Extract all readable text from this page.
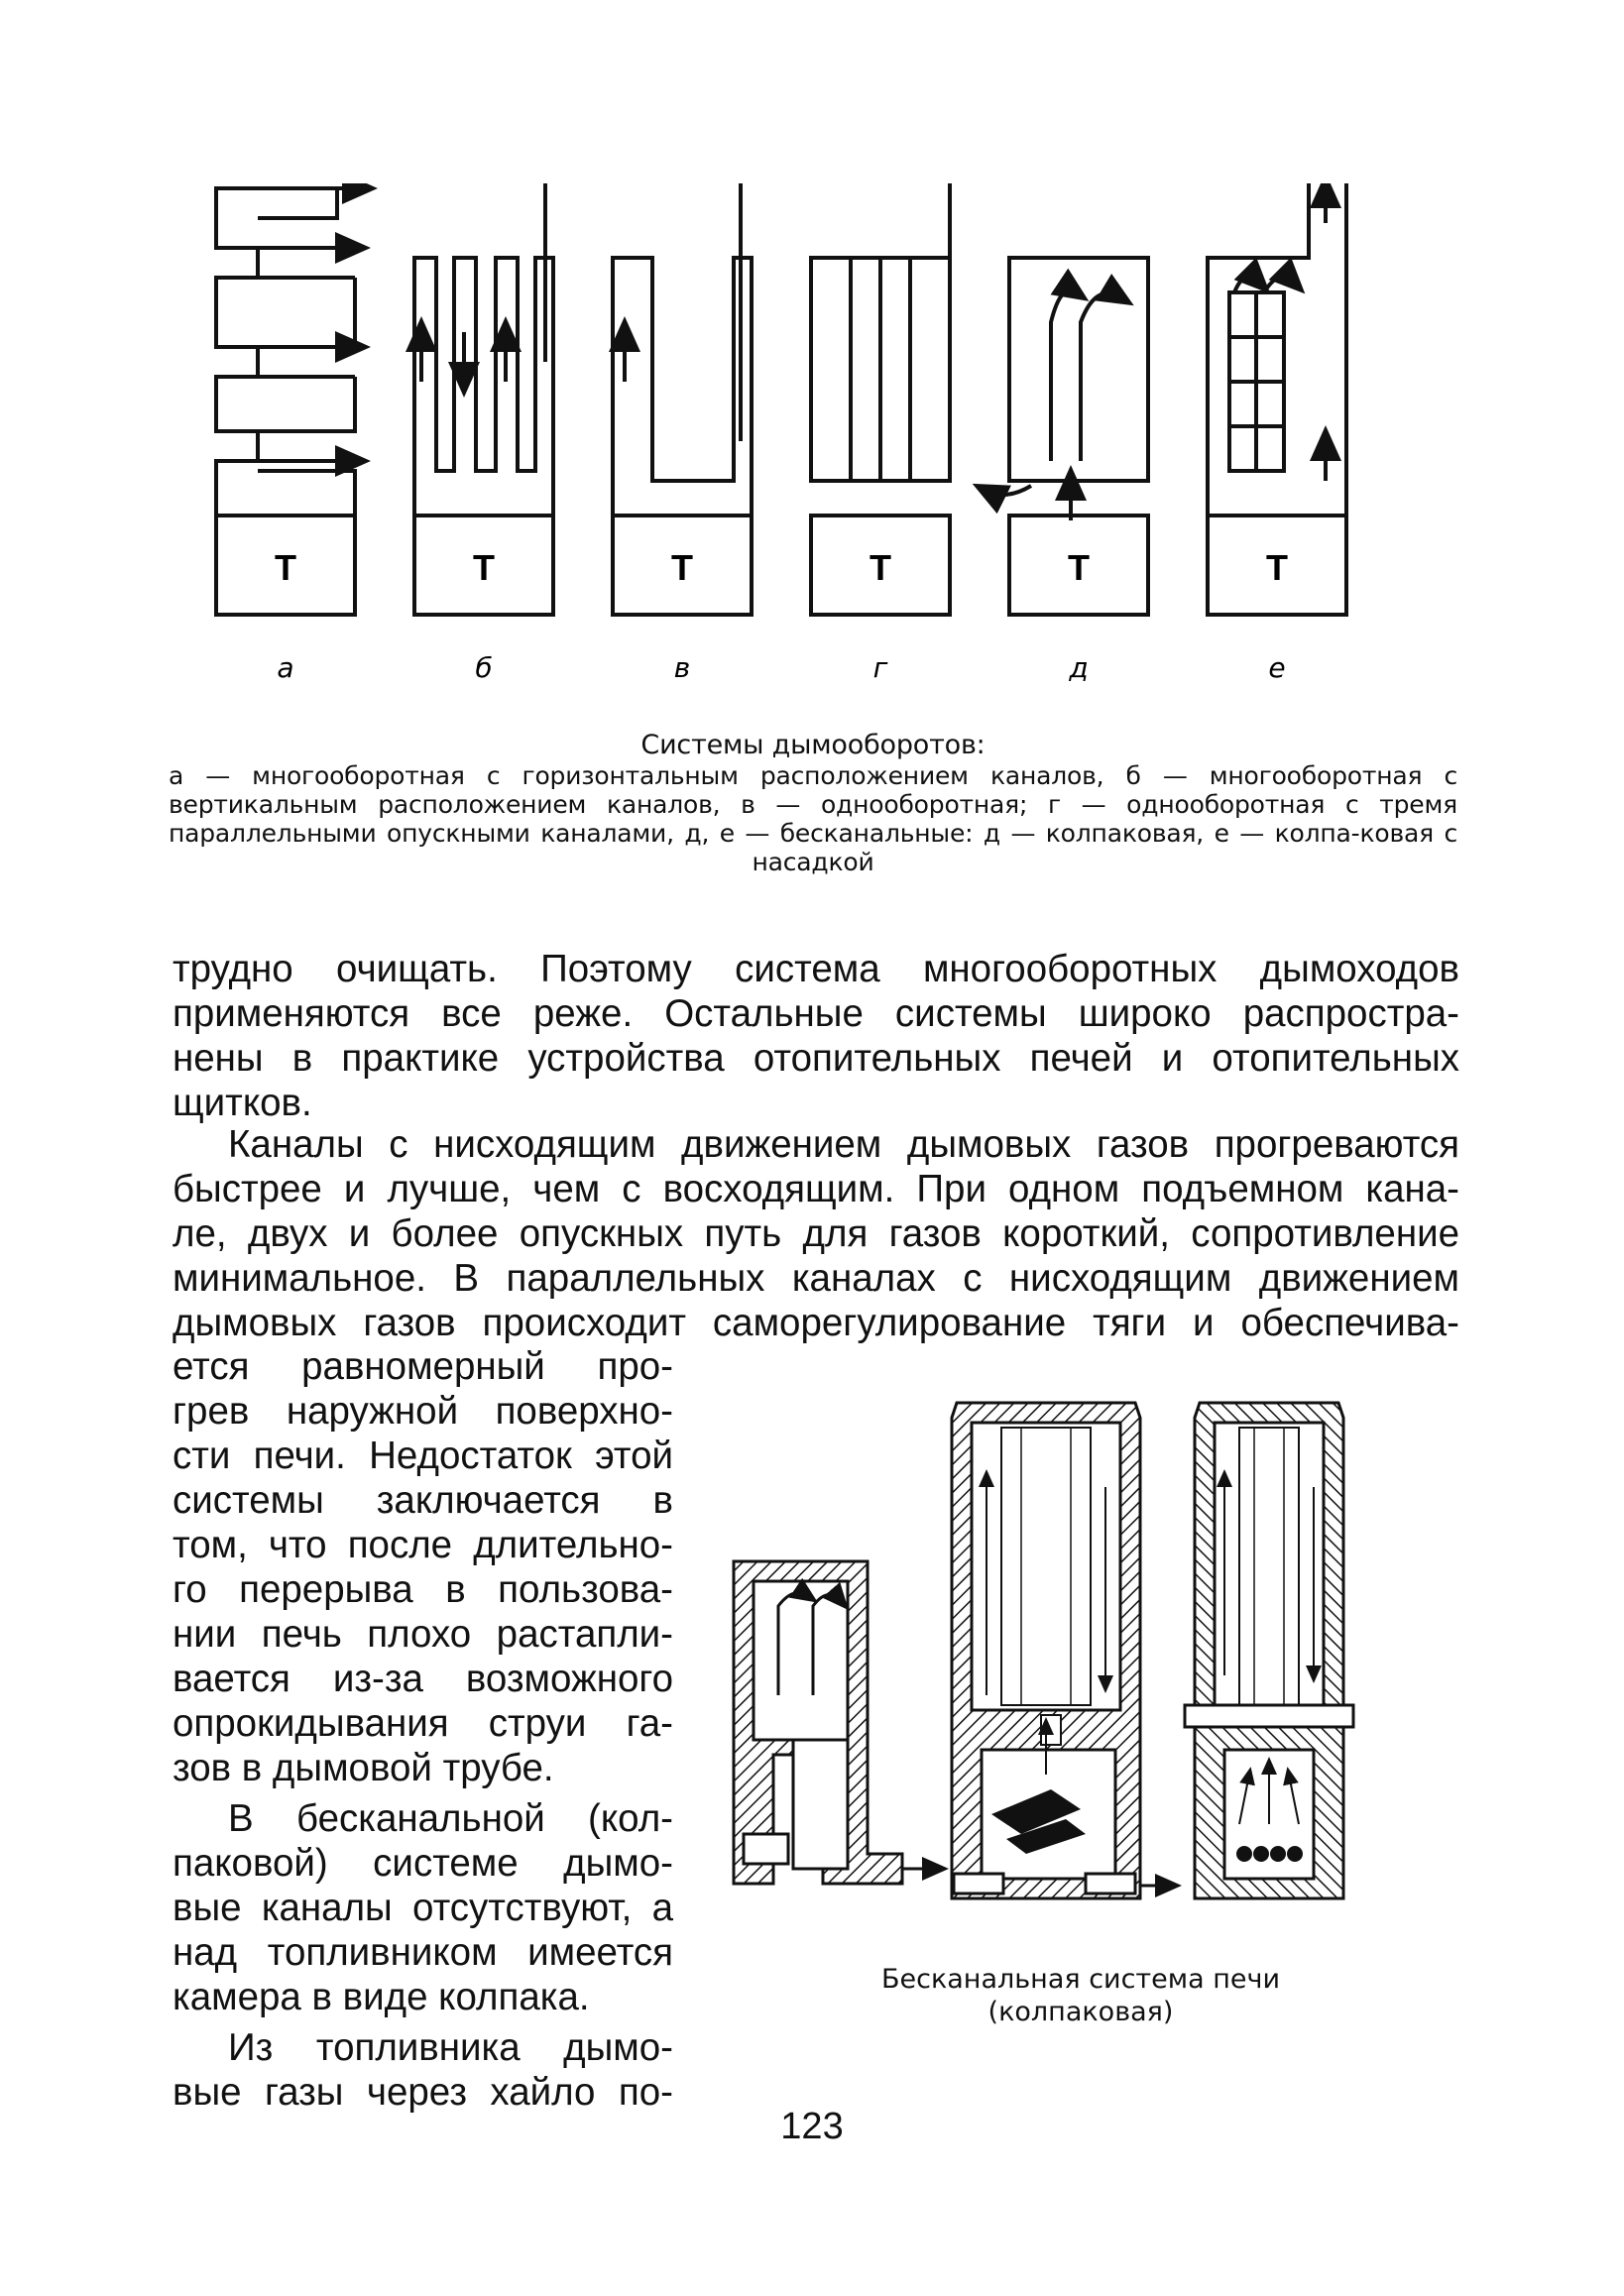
Т	Т	Т	Т	Т	Т
а	б	в	г	д	е
Системы дымооборотов:
а — многооборотная с горизонтальным расположением каналов, б — многооборотная с вертикальным расположением каналов, в — однооборотная; г — однооборотная с тремя параллельными опускными каналами, д, е — бесканальные: д — колпаковая, е — колпа-ковая с насадкой
трудно очищать. Поэтому система многооборотных дымоходов
применяются все реже. Остальные системы широко распростра-
нены в практике устройства отопительных печей и отопительных
щитков.
Каналы с нисходящим движением дымовых газов прогреваются
быстрее и лучше, чем с восходящим. При одном подъемном кана-
ле, двух и более опускных путь для газов короткий, сопротивление
минимальное. В параллельных каналах с нисходящим движением
дымовых газов происходит саморегулирование тяги и обеспечива-
ется равномерный про-
грев наружной поверхно-
сти печи. Недостаток этой
системы заключается в
том, что после длительно-
го перерыва в пользова-
нии печь плохо растапли-
вается из-за возможного
опрокидывания струи га-
зов в дымовой трубе.
В бесканальной (кол-
паковой) системе дымо-
вые каналы отсутствуют, а
над топливником имеется
камера в виде колпака.
Из топливника дымо-
вые газы через хайло по-
Бесканальная система печи
(колпаковая)
123
